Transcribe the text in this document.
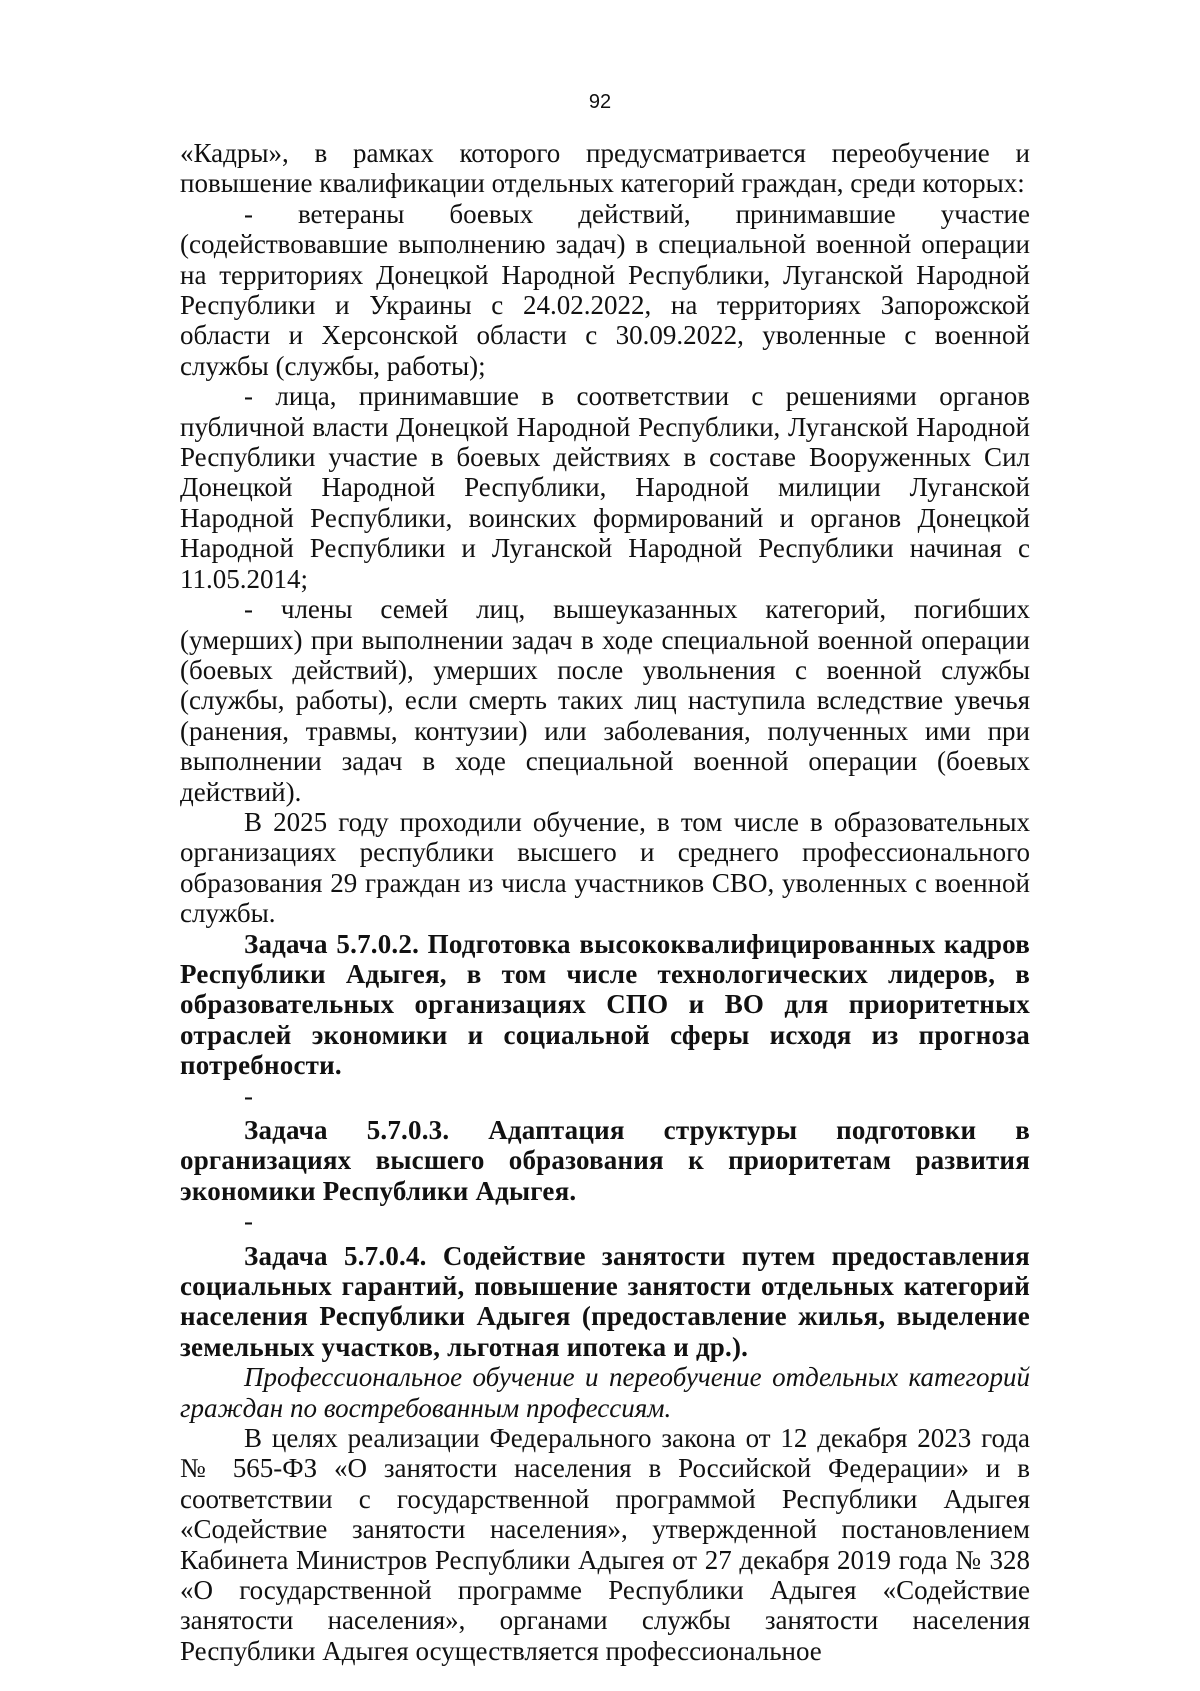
92

«Кадры», в рамках которого предусматривается переобучение и повышение квалификации отдельных категорий граждан, среди которых:

- ветераны боевых действий, принимавшие участие (содействовавшие выполнению задач) в специальной военной операции на территориях Донецкой Народной Республики, Луганской Народной Республики и Украины с 24.02.2022, на территориях Запорожской области и Херсонской области с 30.09.2022, уволенные с военной службы (службы, работы);

- лица, принимавшие в соответствии с решениями органов публичной власти Донецкой Народной Республики, Луганской Народной Республики участие в боевых действиях в составе Вооруженных Сил Донецкой Народной Республики, Народной милиции Луганской Народной Республики, воинских формирований и органов Донецкой Народной Республики и Луганской Народной Республики начиная с 11.05.2014;

- члены семей лиц, вышеуказанных категорий, погибших (умерших) при выполнении задач в ходе специальной военной операции (боевых действий), умерших после увольнения с военной службы (службы, работы), если смерть таких лиц наступила вследствие увечья (ранения, травмы, контузии) или заболевания, полученных ими при выполнении задач в ходе специальной военной операции (боевых действий).

В 2025 году проходили обучение, в том числе в образовательных организациях республики высшего и среднего профессионального образования 29 граждан из числа участников СВО, уволенных с военной службы.

Задача 5.7.0.2. Подготовка высококвалифицированных кадров Республики Адыгея, в том числе технологических лидеров, в образовательных организациях СПО и ВО для приоритетных отраслей экономики и социальной сферы исходя из прогноза потребности.

-

Задача 5.7.0.3. Адаптация структуры подготовки в организациях высшего образования к приоритетам развития экономики Республики Адыгея.

-

Задача 5.7.0.4. Содействие занятости путем предоставления социальных гарантий, повышение занятости отдельных категорий населения Республики Адыгея (предоставление жилья, выделение земельных участков, льготная ипотека и др.).

Профессиональное обучение и переобучение отдельных категорий граждан по востребованным профессиям.

В целях реализации Федерального закона от 12 декабря 2023 года № 565-ФЗ «О занятости населения в Российской Федерации» и в соответствии с государственной программой Республики Адыгея «Содействие занятости населения», утвержденной постановлением Кабинета Министров Республики Адыгея от 27 декабря 2019 года № 328 «О государственной программе Республики Адыгея «Содействие занятости населения», органами службы занятости населения Республики Адыгея осуществляется профессиональное
